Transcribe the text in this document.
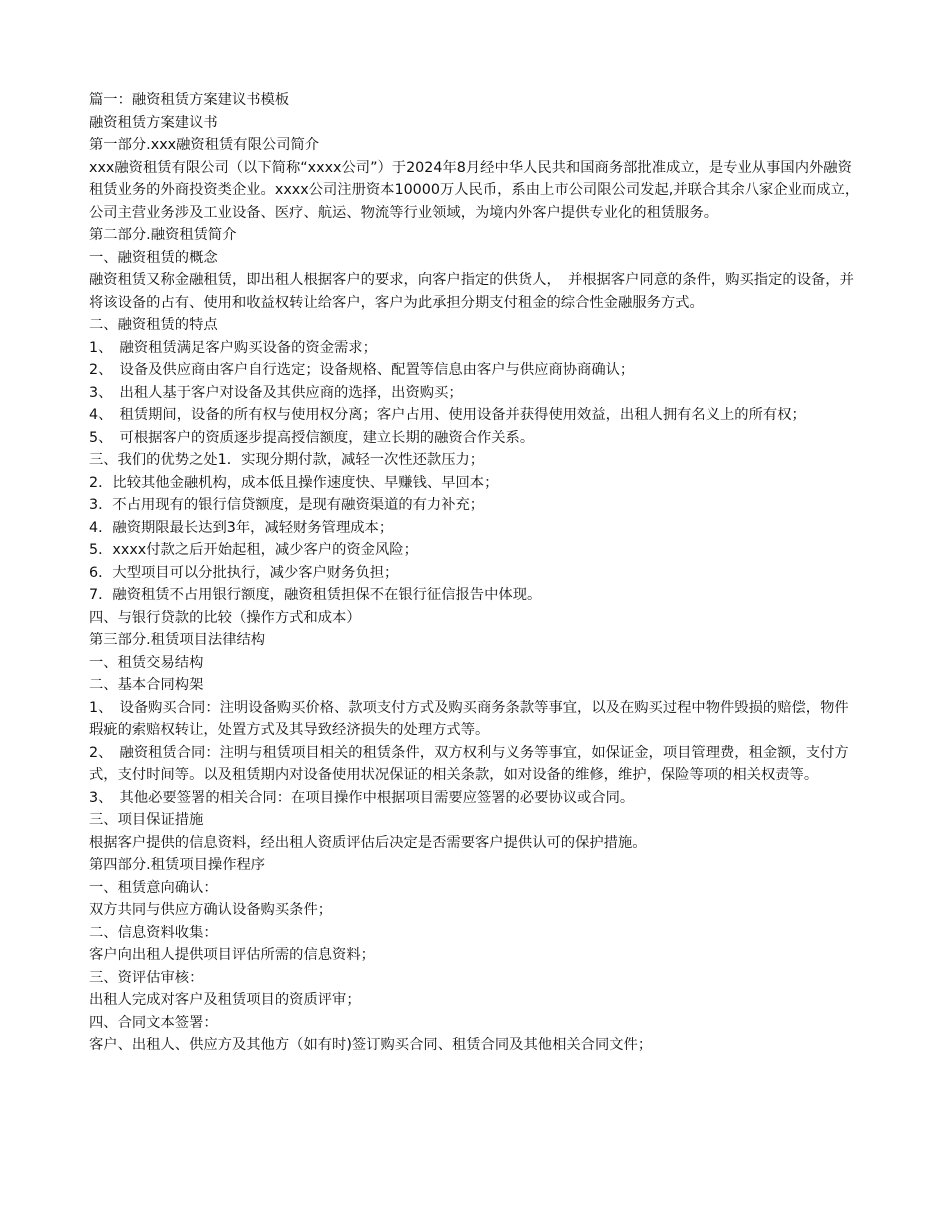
篇一：融资租赁方案建议书模板

融资租赁方案建议书

第一部分.xxx融资租赁有限公司简介

xxx融资租赁有限公司（以下简称“xxxx公司”）于2024年8月经中华人民共和国商务部批准成立，是专业从事国内外融资租赁业务的外商投资类企业。xxxx公司注册资本10000万人民币，系由上市公司限公司发起,并联合其余八家企业而成立，公司主营业务涉及工业设备、医疗、航运、物流等行业领域，为境内外客户提供专业化的租赁服务。

第二部分.融资租赁简介

一、融资租赁的概念

融资租赁又称金融租赁，即出租人根据客户的要求，向客户指定的供货人，　并根据客户同意的条件，购买指定的设备，并将该设备的占有、使用和收益权转让给客户，客户为此承担分期支付租金的综合性金融服务方式。

二、融资租赁的特点

1、　融资租赁满足客户购买设备的资金需求；

2、　设备及供应商由客户自行选定；设备规格、配置等信息由客户与供应商协商确认；

3、　出租人基于客户对设备及其供应商的选择，出资购买；

4、　租赁期间，设备的所有权与使用权分离；客户占用、使用设备并获得使用效益，出租人拥有名义上的所有权；

5、　可根据客户的资质逐步提高授信额度，建立长期的融资合作关系。

三、我们的优势之处1．实现分期付款，减轻一次性还款压力；

2．比较其他金融机构，成本低且操作速度快、早赚钱、早回本；

3．不占用现有的银行信贷额度，是现有融资渠道的有力补充；

4．融资期限最长达到3年，减轻财务管理成本；

5．xxxx付款之后开始起租，减少客户的资金风险；

6．大型项目可以分批执行，减少客户财务负担；

7．融资租赁不占用银行额度，融资租赁担保不在银行征信报告中体现。

四、与银行贷款的比较（操作方式和成本）

第三部分.租赁项目法律结构

一、租赁交易结构

二、基本合同构架

1、　设备购买合同：注明设备购买价格、款项支付方式及购买商务条款等事宜，以及在购买过程中物件毁损的赔偿，物件瑕疵的索赔权转让，处置方式及其导致经济损失的处理方式等。

2、　融资租赁合同：注明与租赁项目相关的租赁条件，双方权利与义务等事宜，如保证金，项目管理费，租金额，支付方式，支付时间等。以及租赁期内对设备使用状况保证的相关条款，如对设备的维修，维护，保险等项的相关权责等。

3、　其他必要签署的相关合同：在项目操作中根据项目需要应签署的必要协议或合同。

三、项目保证措施

根据客户提供的信息资料，经出租人资质评估后决定是否需要客户提供认可的保护措施。

第四部分.租赁项目操作程序

一、租赁意向确认：

双方共同与供应方确认设备购买条件；

二、信息资料收集：

客户向出租人提供项目评估所需的信息资料；

三、资评估审核：

出租人完成对客户及租赁项目的资质评审；

四、合同文本签署：

客户、出租人、供应方及其他方（如有时)签订购买合同、租赁合同及其他相关合同文件；
